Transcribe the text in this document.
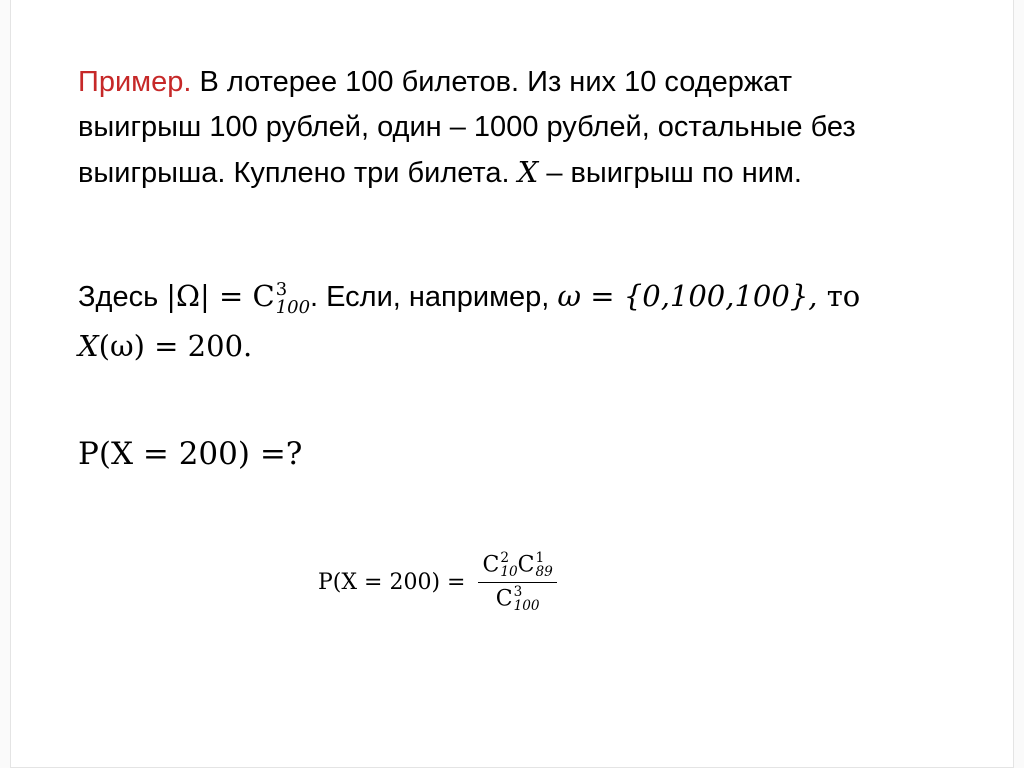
Пример. В лотерее 100 билетов. Из них 10 содержат выигрыш 100 рублей, один – 1000 рублей, остальные без выигрыша. Куплено три билета. X – выигрыш по ним.
Здесь |Ω| = C 3
100 . Если, например, ω = {0,100,100}, то
X(ω) = 200.
P(X = 200) =?
P(X = 200) = C 2
10 C 1
89
C 3
100
